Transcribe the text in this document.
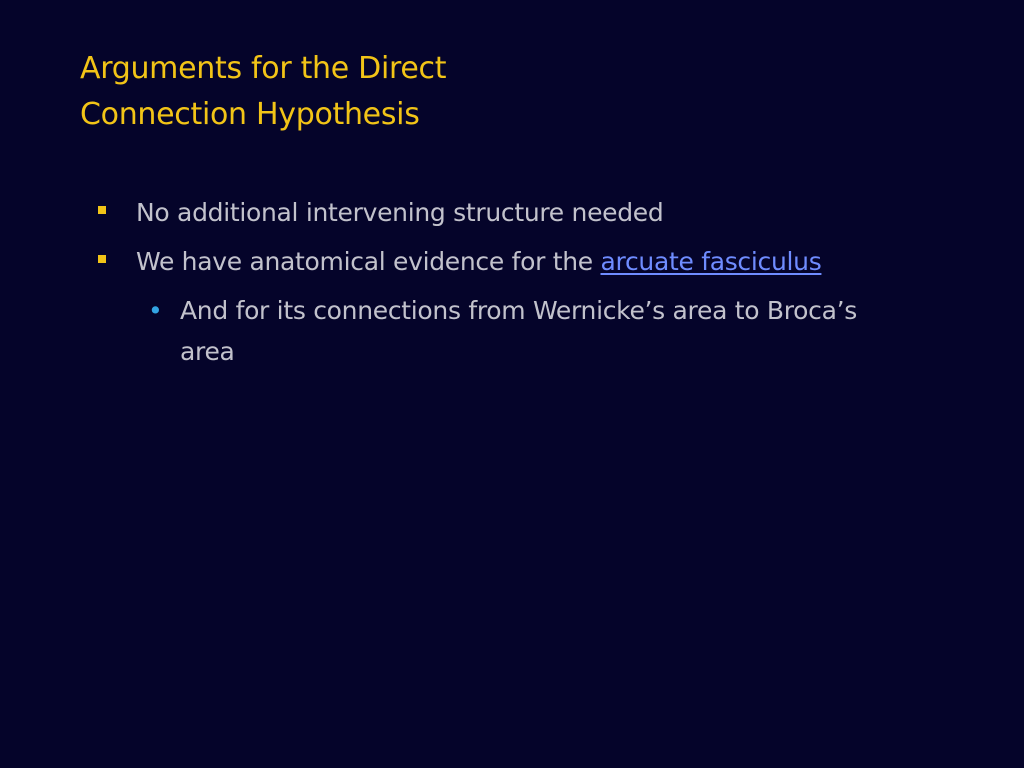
Arguments for the Direct
Connection Hypothesis
No additional intervening structure needed
We have anatomical evidence for the arcuate fasciculus
• And for its connections from Wernicke’s area to Broca’s area
